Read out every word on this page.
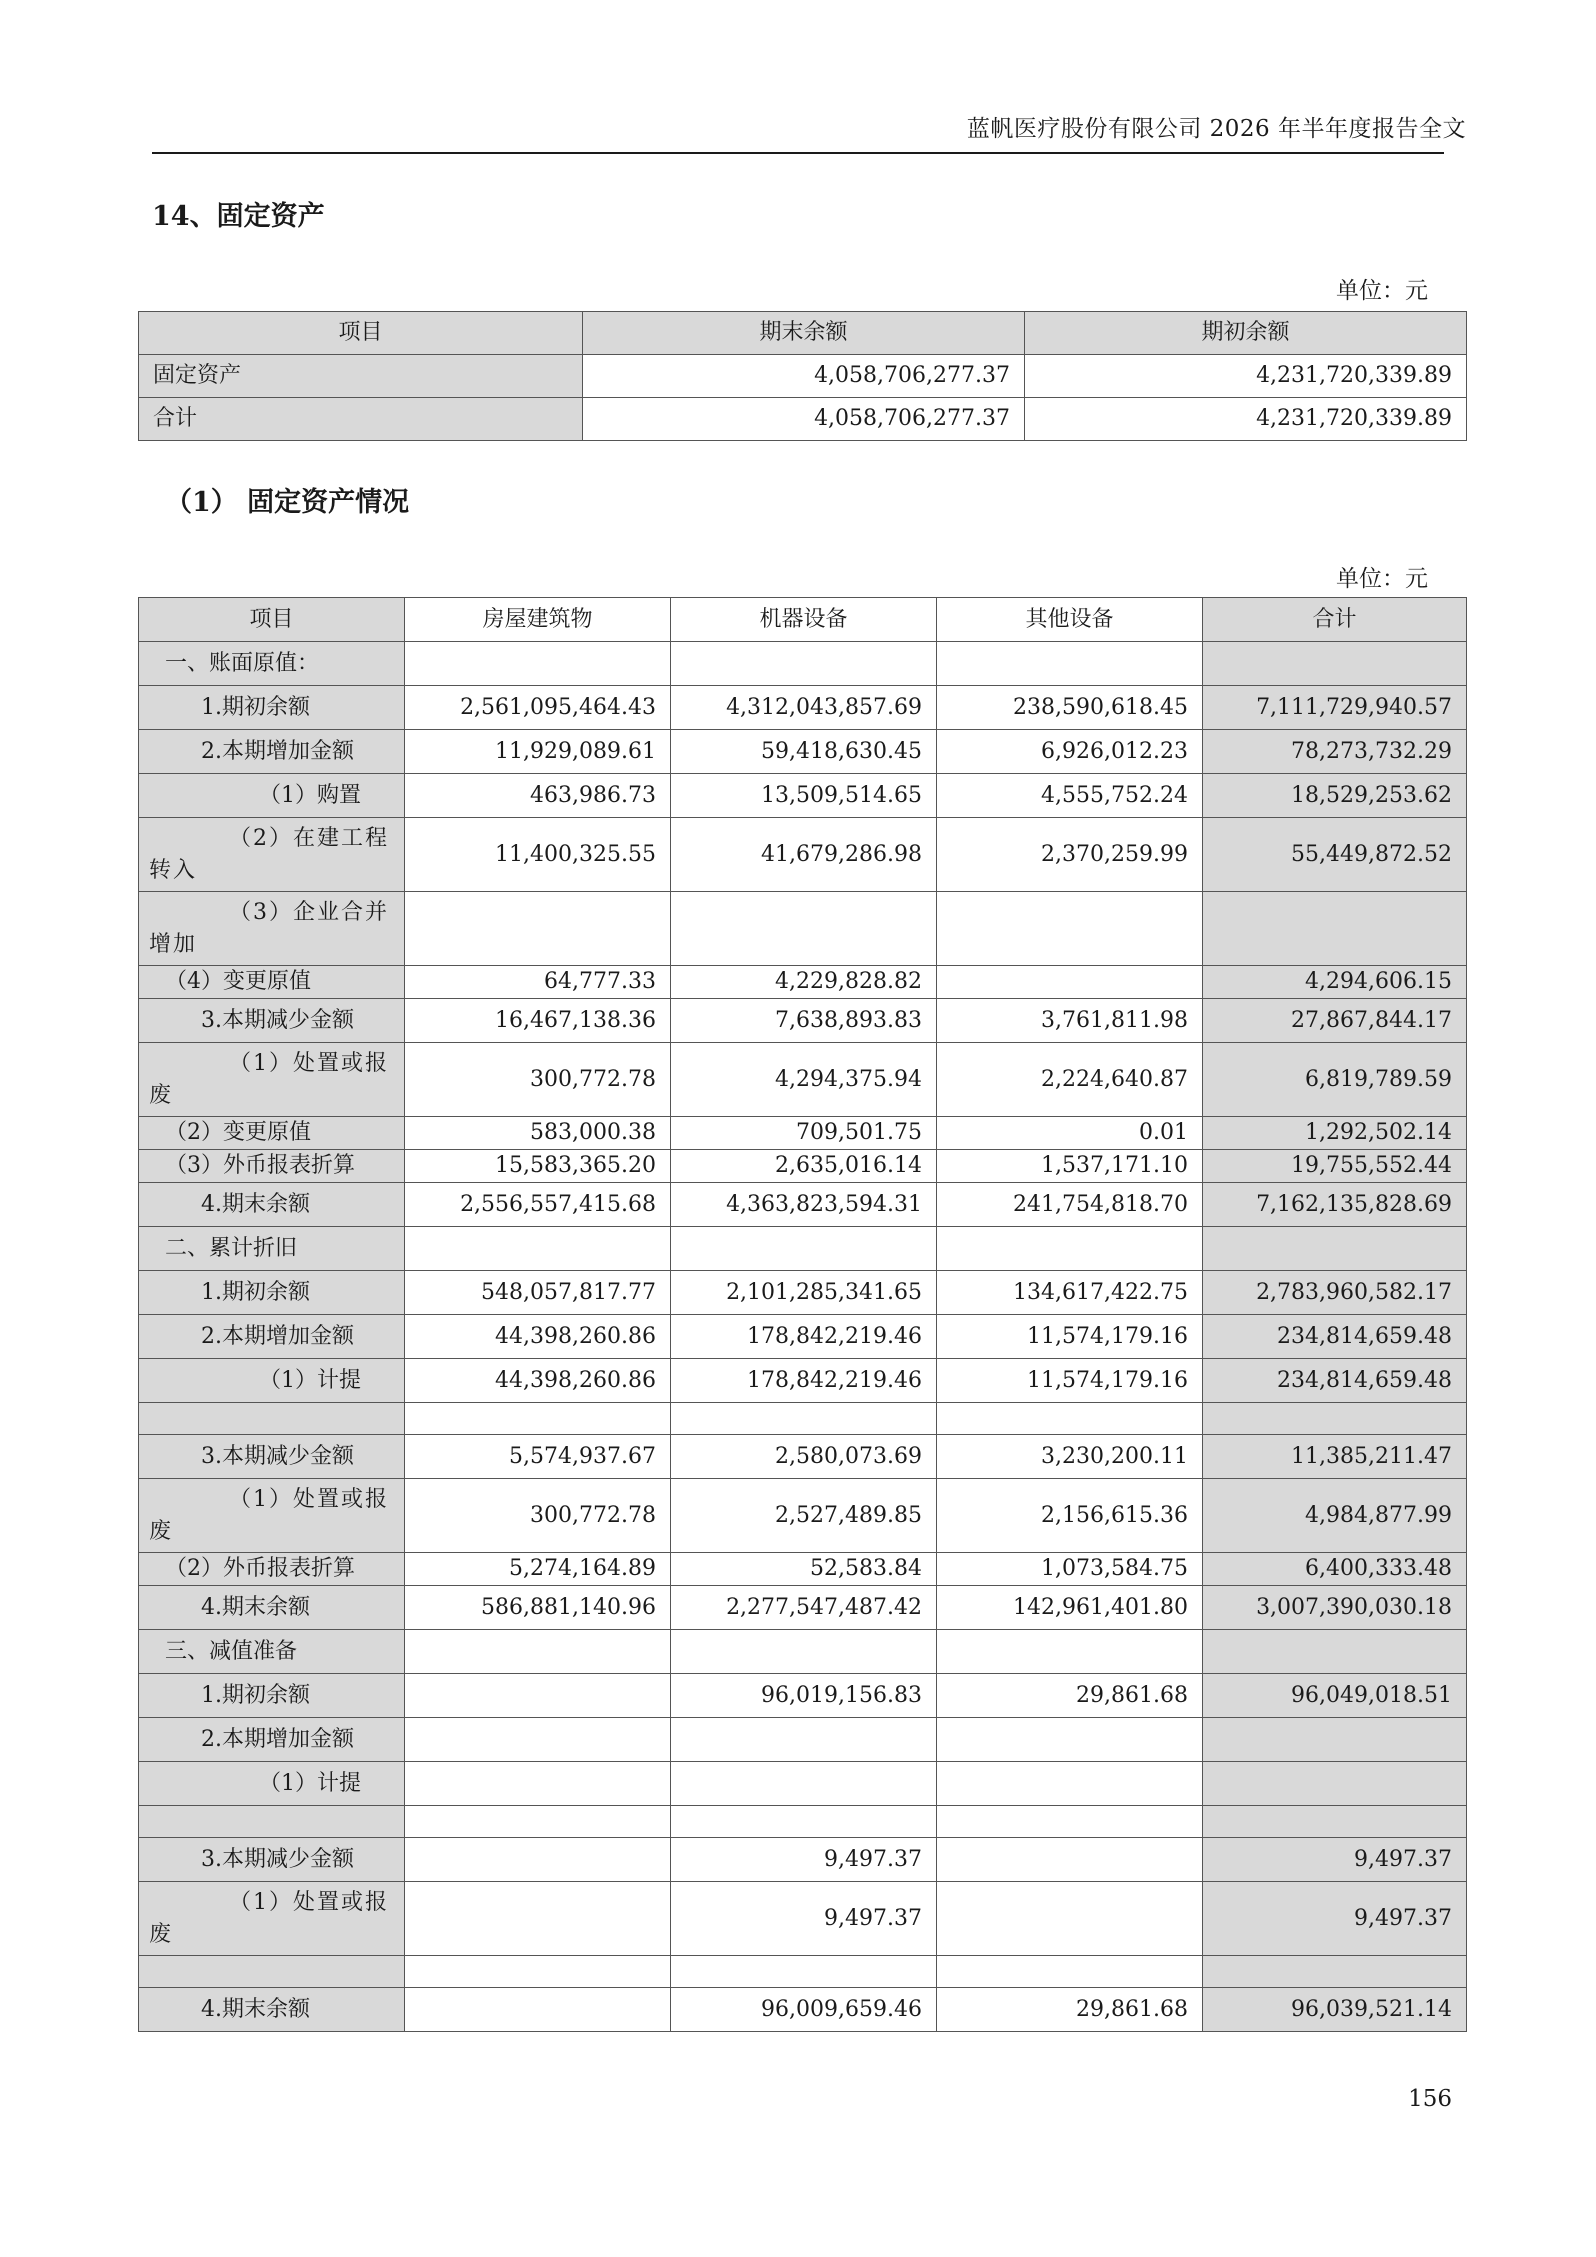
蓝帆医疗股份有限公司 2026 年半年度报告全文
14、固定资产
单位：元
项目	期末余额	期初余额
固定资产	4,058,706,277.37	4,231,720,339.89
合计	4,058,706,277.37	4,231,720,339.89
（1） 固定资产情况
单位：元
项目	房屋建筑物	机器设备	其他设备	合计
一、账面原值：				
1.期初余额	2,561,095,464.43	4,312,043,857.69	238,590,618.45	7,111,729,940.57
2.本期增加金额	11,929,089.61	59,418,630.45	6,926,012.23	78,273,732.29
（1）购置	463,986.73	13,509,514.65	4,555,752.24	18,529,253.62
（2）在建工程转入	11,400,325.55	41,679,286.98	2,370,259.99	55,449,872.52
（3）企业合并增加				
（4）变更原值	64,777.33	4,229,828.82		4,294,606.15
3.本期减少金额	16,467,138.36	7,638,893.83	3,761,811.98	27,867,844.17
（1）处置或报废	300,772.78	4,294,375.94	2,224,640.87	6,819,789.59
（2）变更原值	583,000.38	709,501.75	0.01	1,292,502.14
（3）外币报表折算	15,583,365.20	2,635,016.14	1,537,171.10	19,755,552.44
4.期末余额	2,556,557,415.68	4,363,823,594.31	241,754,818.70	7,162,135,828.69
二、累计折旧				
1.期初余额	548,057,817.77	2,101,285,341.65	134,617,422.75	2,783,960,582.17
2.本期增加金额	44,398,260.86	178,842,219.46	11,574,179.16	234,814,659.48
（1）计提	44,398,260.86	178,842,219.46	11,574,179.16	234,814,659.48

3.本期减少金额	5,574,937.67	2,580,073.69	3,230,200.11	11,385,211.47
（1）处置或报废	300,772.78	2,527,489.85	2,156,615.36	4,984,877.99
（2）外币报表折算	5,274,164.89	52,583.84	1,073,584.75	6,400,333.48
4.期末余额	586,881,140.96	2,277,547,487.42	142,961,401.80	3,007,390,030.18
三、减值准备				
1.期初余额		96,019,156.83	29,861.68	96,049,018.51
2.本期增加金额				
（1）计提				

3.本期减少金额		9,497.37		9,497.37
（1）处置或报废		9,497.37		9,497.37

4.期末余额		96,009,659.46	29,861.68	96,039,521.14
156
